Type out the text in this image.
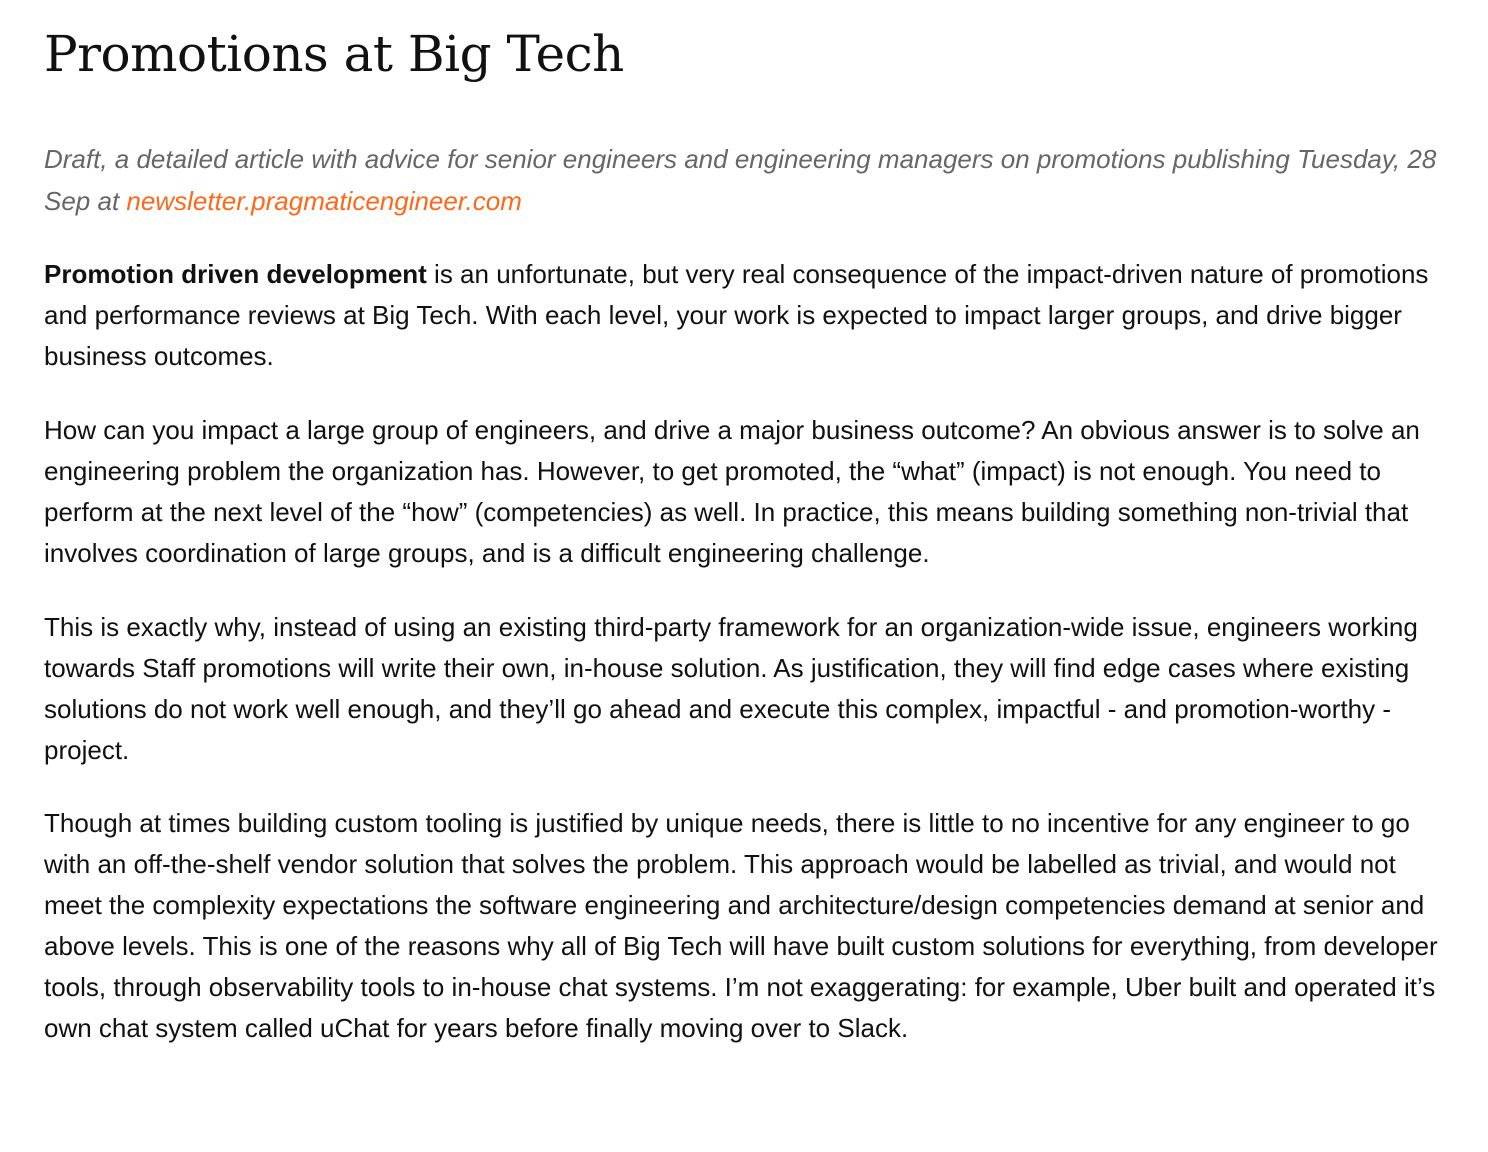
Promotions at Big Tech

Draft, a detailed article with advice for senior engineers and engineering managers on promotions publishing Tuesday, 28 Sep at newsletter.pragmaticengineer.com

Promotion driven development is an unfortunate, but very real consequence of the impact-driven nature of promotions and performance reviews at Big Tech. With each level, your work is expected to impact larger groups, and drive bigger business outcomes.

How can you impact a large group of engineers, and drive a major business outcome? An obvious answer is to solve an engineering problem the organization has. However, to get promoted, the “what” (impact) is not enough. You need to perform at the next level of the “how” (competencies) as well. In practice, this means building something non-trivial that involves coordination of large groups, and is a difficult engineering challenge.

This is exactly why, instead of using an existing third-party framework for an organization-wide issue, engineers working towards Staff promotions will write their own, in-house solution. As justification, they will find edge cases where existing solutions do not work well enough, and they’ll go ahead and execute this complex, impactful - and promotion-worthy - project.

Though at times building custom tooling is justified by unique needs, there is little to no incentive for any engineer to go with an off-the-shelf vendor solution that solves the problem. This approach would be labelled as trivial, and would not meet the complexity expectations the software engineering and architecture/design competencies demand at senior and above levels. This is one of the reasons why all of Big Tech will have built custom solutions for everything, from developer tools, through observability tools to in-house chat systems. I’m not exaggerating: for example, Uber built and operated it’s own chat system called uChat for years before finally moving over to Slack.
